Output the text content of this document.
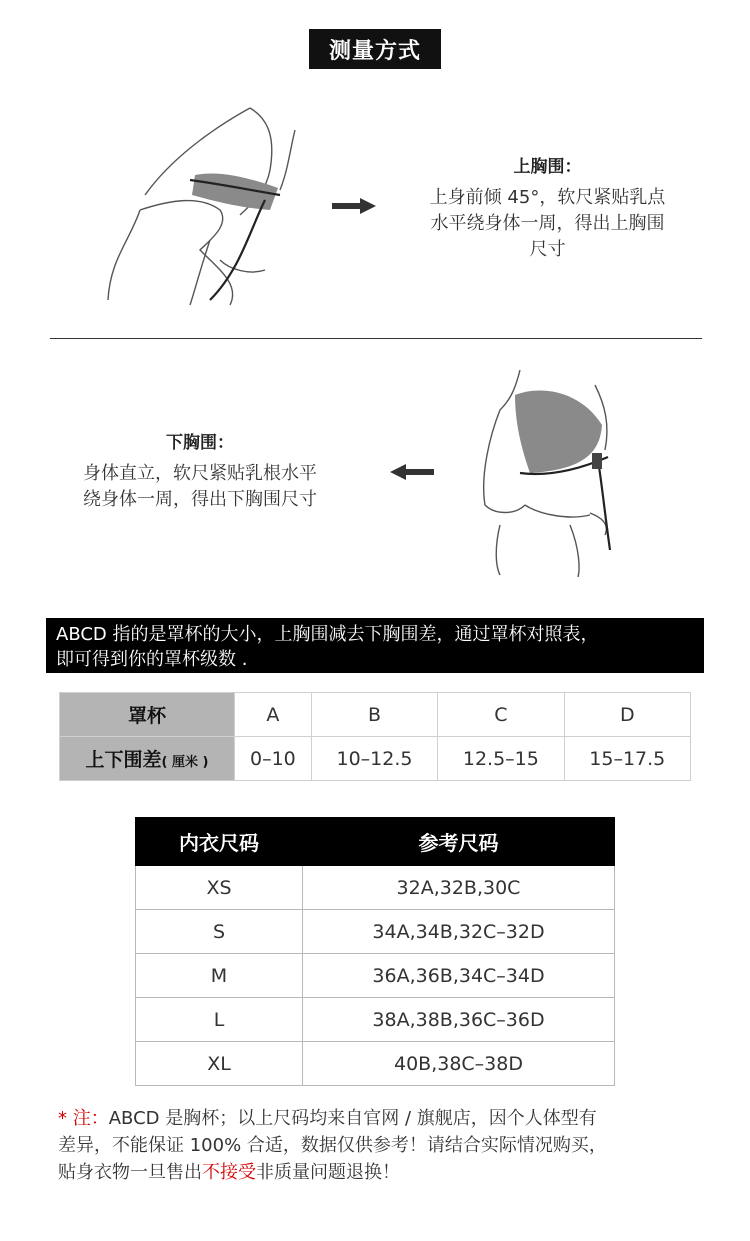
测量方式
上胸围：
上身前倾 45°，软尺紧贴乳点
水平绕身体一周，得出上胸围
尺寸
下胸围：
身体直立，软尺紧贴乳根水平
绕身体一周，得出下胸围尺寸
ABCD 指的是罩杯的大小，上胸围减去下胸围差，通过罩杯对照表，
即可得到你的罩杯级数 .
罩杯	A	B	C	D
上下围差( 厘米 )	0–10	10–12.5	12.5–15	15–17.5
内衣尺码	参考尺码
XS	32A,32B,30C
S	34A,34B,32C–32D
M	36A,36B,34C–34D
L	38A,38B,36C–36D
XL	40B,38C–38D
* 注：ABCD 是胸杯；以上尺码均来自官网 / 旗舰店，因个人体型有
差异，不能保证 100% 合适，数据仅供参考！请结合实际情况购买，
贴身衣物一旦售出不接受非质量问题退换！
